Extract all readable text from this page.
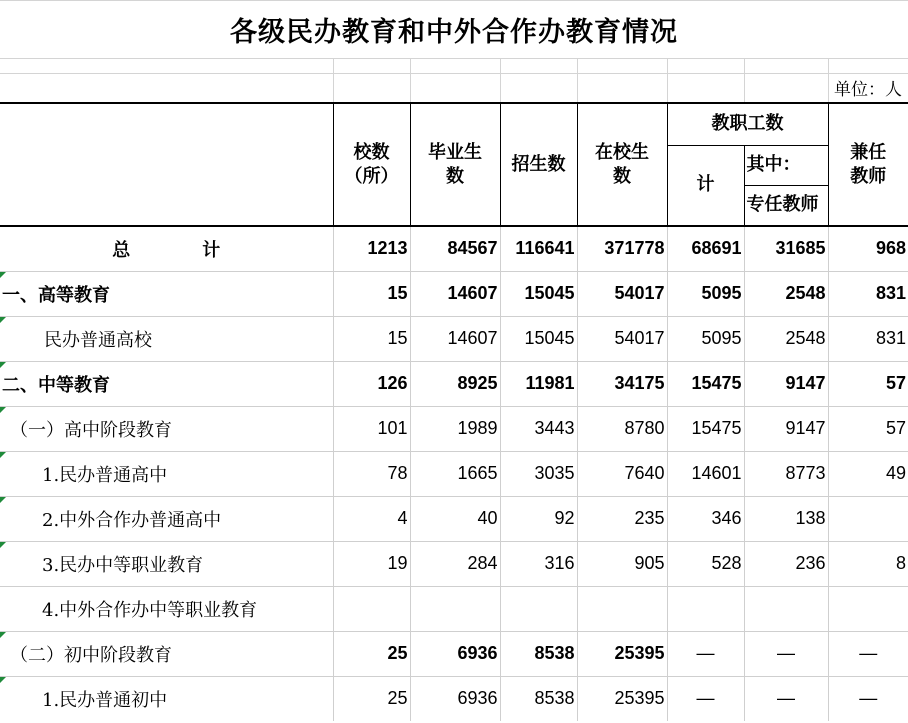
各级民办教育和中外合作办教育情况
单位：人
	校数（所）	毕业生数	招生数	在校生数	教职工数		兼任教师
					计	其中：	
						专任教师	
总　　　　计	1213	84567	116641	371778	68691	31685	968
一、高等教育	15	14607	15045	54017	5095	2548	831
民办普通高校	15	14607	15045	54017	5095	2548	831
二、中等教育	126	8925	11981	34175	15475	9147	57
（一）高中阶段教育	101	1989	3443	8780	15475	9147	57
1.民办普通高中	78	1665	3035	7640	14601	8773	49
2.中外合作办普通高中	4	40	92	235	346	138	
3.民办中等职业教育	19	284	316	905	528	236	8
4.中外合作办中等职业教育							
（二）初中阶段教育	25	6936	8538	25395	—	—	—
1.民办普通初中	25	6936	8538	25395	—	—	—
